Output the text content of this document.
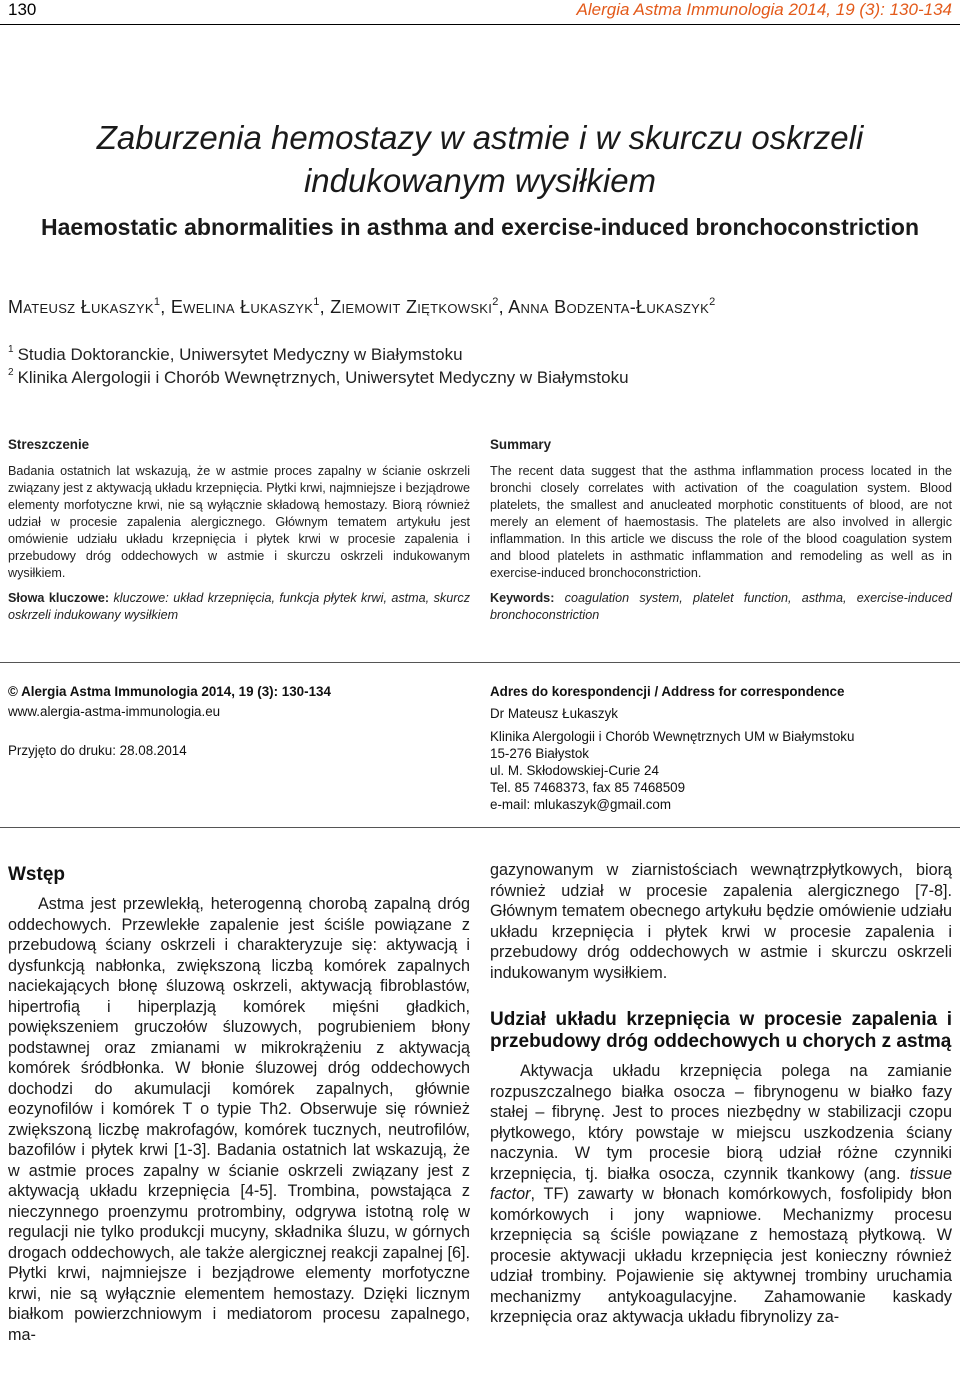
130	Alergia Astma Immunologia 2014, 19 (3): 130-134
Zaburzenia hemostazy w astmie i w skurczu oskrzeli
indukowanym wysiłkiem
Haemostatic abnormalities in asthma and exercise-induced bronchoconstriction
Mateusz Łukaszyk$^1$, Ewelina Łukaszyk$^1$, Ziemowit Ziętkowski$^2$, Anna Bodzenta-Łukaszyk$^2$
$^1$ Studia Doktoranckie, Uniwersytet Medyczny w Białymstoku
$^2$ Klinika Alergologii i Chorób Wewnętrznych, Uniwersytet Medyczny w Białymstoku
Streszczenie
Badania ostatnich lat wskazują, że w astmie proces zapalny w ścianie oskrzeli związany jest z aktywacją układu krzepnięcia. Płytki krwi, najmniejsze i bezjądrowe elementy morfotyczne krwi, nie są wyłącznie składową hemostazy. Biorą również udział w procesie zapalenia alergicznego. Głównym tematem artykułu jest omówienie udziału układu krzepnięcia i płytek krwi w procesie zapalenia i przebudowy dróg oddechowych w astmie i skurczu oskrzeli indukowanym wysiłkiem.
Słowa kluczowe: kluczowe: układ krzepnięcia, funkcja płytek krwi, astma, skurcz oskrzeli indukowany wysiłkiem
Summary
The recent data suggest that the asthma inflammation process located in the bronchi closely correlates with activation of the coagulation system. Blood platelets, the smallest and anucleated morphotic constituents of blood, are not merely an element of haemostasis. The platelets are also involved in allergic inflammation. In this article we discuss the role of the blood coagulation system and blood platelets in asthmatic inflammation and remodeling as well as in exercise-induced bronchoconstriction.
Keywords: coagulation system, platelet function, asthma, exercise-induced bronchoconstriction
© Alergia Astma Immunologia 2014, 19 (3): 130-134
www.alergia-astma-immunologia.eu
Przyjęto do druku: 28.08.2014
Adres do korespondencji / Address for correspondence
Dr Mateusz Łukaszyk
Klinika Alergologii i Chorób Wewnętrznych UM w Białymstoku
15-276 Białystok
ul. M. Skłodowskiej-Curie 24
Tel. 85 7468373, fax 85 7468509
e-mail: mlukaszyk@gmail.com
Wstęp

Astma jest przewlekłą, heterogenną chorobą zapalną dróg oddechowych. Przewlekłe zapalenie jest ściśle powiązane z przebudową ściany oskrzeli i charakteryzuje się: aktywacją i dysfunkcją nabłonka, zwiększoną liczbą komórek zapalnych naciekających błonę śluzową oskrzeli, aktywacją fibroblastów, hipertrofią i hiperplazją komórek mięśni gładkich, powiększeniem gruczołów śluzowych, pogrubieniem błony podstawnej oraz zmianami w mikrokrążeniu z aktywacją komórek śródbłonka. W błonie śluzowej dróg oddechowych dochodzi do akumulacji komórek zapalnych, głównie eozynofilów i komórek T o typie Th2. Obserwuje się również zwiększoną liczbę makrofagów, komórek tucznych, neutrofilów, bazofilów i płytek krwi [1-3]. Badania ostatnich lat wskazują, że w astmie proces zapalny w ścianie oskrzeli związany jest z aktywacją układu krzepnięcia [4-5]. Trombina, powstająca z nieczynnego proenzymu protrombiny, odgrywa istotną rolę w regulacji nie tylko produkcji mucyny, składnika śluzu, w górnych drogach oddechowych, ale także alergicznej reakcji zapalnej [6]. Płytki krwi, najmniejsze i bezjądrowe elementy morfotyczne krwi, nie są wyłącznie elementem hemostazy. Dzięki licznym białkom powierzchniowym i mediatorom procesu zapalnego, ma-

gazynowanym w ziarnistościach wewnątrzpłytkowych, biorą również udział w procesie zapalenia alergicznego [7-8]. Głównym tematem obecnego artykułu będzie omówienie udziału układu krzepnięcia i płytek krwi w procesie zapalenia i przebudowy dróg oddechowych w astmie i skurczu oskrzeli indukowanym wysiłkiem.

Udział układu krzepnięcia w procesie zapalenia i przebudowy dróg oddechowych u chorych z astmą

Aktywacja układu krzepnięcia polega na zamianie rozpuszczalnego białka osocza – fibrynogenu w białko fazy stałej – fibrynę. Jest to proces niezbędny w stabilizacji czopu płytkowego, który powstaje w miejscu uszkodzenia ściany naczynia. W tym procesie biorą udział różne czynniki krzepnięcia, tj. białka osocza, czynnik tkankowy (ang. tissue factor, TF) zawarty w błonach komórkowych, fosfolipidy błon komórkowych i jony wapniowe. Mechanizmy procesu krzepnięcia są ściśle powiązane z hemostazą płytkową. W procesie aktywacji układu krzepnięcia jest konieczny również udział trombiny. Pojawienie się aktywnej trombiny uruchamia mechanizmy antykoagulacyjne. Zahamowanie kaskady krzepnięcia oraz aktywacja układu fibrynolizy za-
